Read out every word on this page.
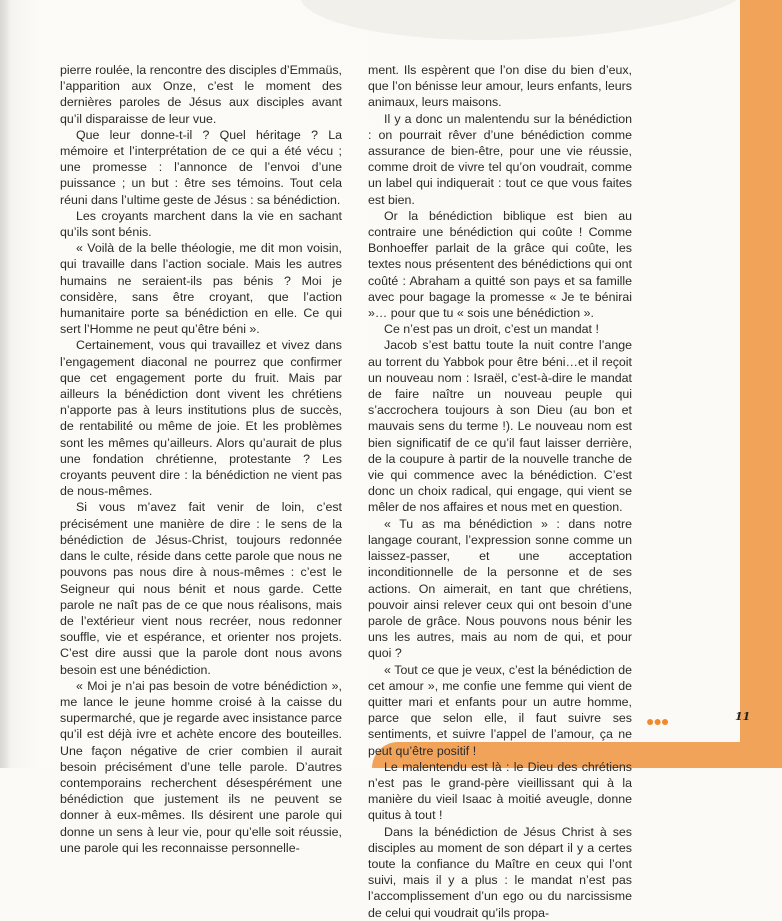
pierre roulée, la rencontre des disciples d’Emmaüs, l’apparition aux Onze, c’est le moment des dernières paroles de Jésus aux disciples avant qu’il disparaisse de leur vue.

Que leur donne-t-il ? Quel héritage ? La mémoire et l’interprétation de ce qui a été vécu ; une promesse : l’annonce de l’envoi d’une puissance ; un but : être ses témoins. Tout cela réuni dans l’ultime geste de Jésus : sa bénédiction.

Les croyants marchent dans la vie en sachant qu’ils sont bénis.

« Voilà de la belle théologie, me dit mon voisin, qui travaille dans l’action sociale. Mais les autres humains ne seraient-ils pas bénis ? Moi je considère, sans être croyant, que l’action humanitaire porte sa bénédiction en elle. Ce qui sert l’Homme ne peut qu’être béni ».

Certainement, vous qui travaillez et vivez dans l’engagement diaconal ne pourrez que confirmer que cet engagement porte du fruit. Mais par ailleurs la bénédiction dont vivent les chrétiens n’apporte pas à leurs institutions plus de succès, de rentabilité ou même de joie. Et les problèmes sont les mêmes qu’ailleurs. Alors qu’aurait de plus une fondation chrétienne, protestante ? Les croyants peuvent dire : la bénédiction ne vient pas de nous-mêmes.

Si vous m’avez fait venir de loin, c’est précisément une manière de dire : le sens de la bénédiction de Jésus-Christ, toujours redonnée dans le culte, réside dans cette parole que nous ne pouvons pas nous dire à nous-mêmes : c’est le Seigneur qui nous bénit et nous garde. Cette parole ne naît pas de ce que nous réalisons, mais de l’extérieur vient nous recréer, nous redonner souffle, vie et espérance, et orienter nos projets. C’est dire aussi que la parole dont nous avons besoin est une bénédiction.

« Moi je n’ai pas besoin de votre bénédiction », me lance le jeune homme croisé à la caisse du supermarché, que je regarde avec insistance parce qu’il est déjà ivre et achète encore des bouteilles. Une façon négative de crier combien il aurait besoin précisément d’une telle parole. D’autres contemporains recherchent désespérément une bénédiction que justement ils ne peuvent se donner à eux-mêmes. Ils désirent une parole qui donne un sens à leur vie, pour qu’elle soit réussie, une parole qui les reconnaisse personnelle-

ment. Ils espèrent que l’on dise du bien d’eux, que l’on bénisse leur amour, leurs enfants, leurs animaux, leurs maisons.

Il y a donc un malentendu sur la bénédiction : on pourrait rêver d’une bénédiction comme assurance de bien-être, pour une vie réussie, comme droit de vivre tel qu’on voudrait, comme un label qui indiquerait : tout ce que vous faites est bien.

Or la bénédiction biblique est bien au contraire une bénédiction qui coûte ! Comme Bonhoeffer parlait de la grâce qui coûte, les textes nous présentent des bénédictions qui ont coûté : Abraham a quitté son pays et sa famille avec pour bagage la promesse « Je te bénirai »… pour que tu « sois une bénédiction ».

Ce n’est pas un droit, c’est un mandat !

Jacob s’est battu toute la nuit contre l’ange au torrent du Yabbok pour être béni…et il reçoit un nouveau nom : Israël, c’est-à-dire le mandat de faire naître un nouveau peuple qui s’accrochera toujours à son Dieu (au bon et mauvais sens du terme !). Le nouveau nom est bien significatif de ce qu’il faut laisser derrière, de la coupure à partir de la nouvelle tranche de vie qui commence avec la bénédiction. C’est donc un choix radical, qui engage, qui vient se mêler de nos affaires et nous met en question.

« Tu as ma bénédiction » : dans notre langage courant, l’expression sonne comme un laissez-passer, et une acceptation inconditionnelle de la personne et de ses actions. On aimerait, en tant que chrétiens, pouvoir ainsi relever ceux qui ont besoin d’une parole de grâce. Nous pouvons nous bénir les uns les autres, mais au nom de qui, et pour quoi ?

« Tout ce que je veux, c’est la bénédiction de cet amour », me confie une femme qui vient de quitter mari et enfants pour un autre homme, parce que selon elle, il faut suivre ses sentiments, et suivre l’appel de l’amour, ça ne peut qu’être positif !

Le malentendu est là : le Dieu des chrétiens n’est pas le grand-père vieillissant qui à la manière du vieil Isaac à moitié aveugle, donne quitus à tout !

Dans la bénédiction de Jésus Christ à ses disciples au moment de son départ il y a certes toute la confiance du Maître en ceux qui l’ont suivi, mais il y a plus : le mandat n’est pas l’accomplissement d’un ego ou du narcissisme de celui qui voudrait qu’ils propa-

●●●	11
